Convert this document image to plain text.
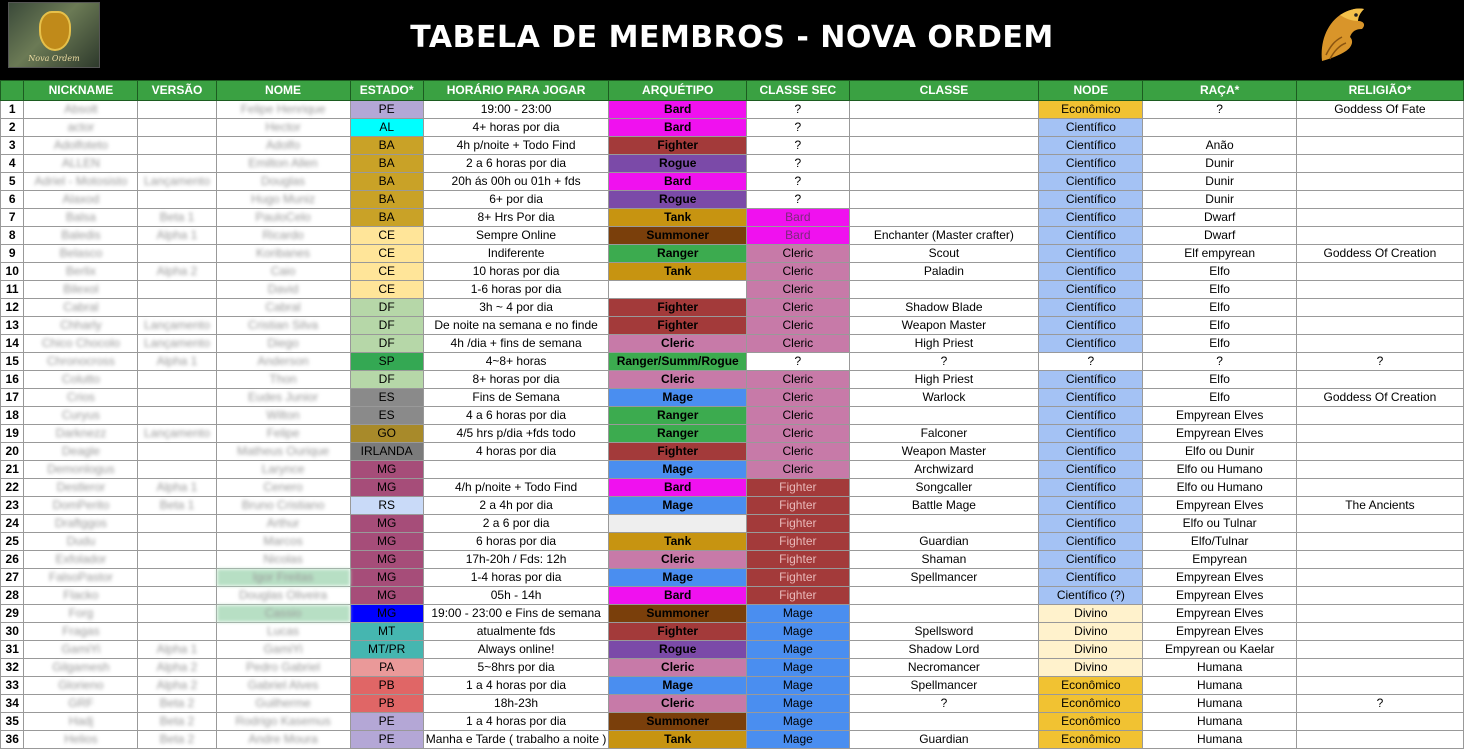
Nova Ordem
TABELA DE MEMBROS - NOVA ORDEM
	NICKNAME	VERSÃO	NOME	ESTADO*	HORÁRIO PARA JOGAR	ARQUÉTIPO	CLASSE SEC	CLASSE	NODE	RAÇA*	RELIGIÃO*
1	Absolt		Felipe Henrique	PE	19:00 - 23:00	Bard	?		Econômico	?	Goddess Of Fate
2	actor		Hector	AL	4+ horas por dia	Bard	?		Científico		
3	Adolfoteto		Adolfo	BA	4h p/noite + Todo Find	Fighter	?		Científico	Anão	
4	ALLEN		Emilton Allen	BA	2 a 6 horas por dia	Rogue	?		Científico	Dunir	
5	Adriel - Motosisto	Lançamento	Douglas	BA	20h ás 00h ou 01h + fds	Bard	?		Científico	Dunir	
6	Alaxod		Hugo Muniz	BA	6+ por dia	Rogue	?		Científico	Dunir	
7	Balsa	Beta 1	PauloCelo	BA	8+ Hrs Por dia	Tank	Bard		Científico	Dwarf	
8	Baledis	Alpha 1	Ricardo	CE	Sempre Online	Summoner	Bard	Enchanter (Master crafter)	Científico	Dwarf	
9	Belasco		Koribanes	CE	Indiferente	Ranger	Cleric	Scout	Científico	Elf empyrean	Goddess Of Creation
10	Berlix	Alpha 2	Caio	CE	10 horas por dia	Tank	Cleric	Paladin	Científico	Elfo	
11	Bilexol		David	CE	1-6 horas por dia		Cleric		Científico	Elfo	
12	Cabral		Cabral	DF	3h ~ 4 por dia	Fighter	Cleric	Shadow Blade	Científico	Elfo	
13	Chharly	Lançamento	Cristian Silva	DF	De noite na semana e no finde	Fighter	Cleric	Weapon Master	Científico	Elfo	
14	Chico Chocolo	Lançamento	Diego	DF	4h /dia + fins de semana	Cleric	Cleric	High Priest	Científico	Elfo	
15	Chronocross	Alpha 1	Anderson	SP	4~8+ horas	Ranger/Summ/Rogue	?	?	?	?	?
16	Colutto		Thon	DF	8+ horas por dia	Cleric	Cleric	High Priest	Científico	Elfo	
17	Crios		Eudes Junior	ES	Fins de Semana	Mage	Cleric	Warlock	Científico	Elfo	Goddess Of Creation
18	Curyus		Wilton	ES	4 a 6 horas por dia	Ranger	Cleric		Científico	Empyrean Elves	
19	Darknezz	Lançamento	Felipe	GO	4/5 hrs p/dia +fds todo	Ranger	Cleric	Falconer	Científico	Empyrean Elves	
20	Deagle		Matheus Ourique	IRLANDA	4 horas por dia	Fighter	Cleric	Weapon Master	Científico	Elfo ou Dunir	
21	Demonlogus		Larynce	MG		Mage	Cleric	Archwizard	Científico	Elfo ou Humano	
22	Destleror	Alpha 1	Cenero	MG	4/h p/noite + Todo Find	Bard	Fighter	Songcaller	Científico	Elfo ou Humano	
23	DomPerito	Beta 1	Bruno Cristiano	RS	2 a 4h por dia	Mage	Fighter	Battle Mage	Científico	Empyrean Elves	The Ancients
24	Draftggos		Arthur	MG	2 a 6 por dia		Fighter		Científico	Elfo ou Tulnar	
25	Dudu		Marcos	MG	6 horas por dia	Tank	Fighter	Guardian	Científico	Elfo/Tulnar	
26	Exfolador		Nicolas	MG	17h-20h / Fds: 12h	Cleric	Fighter	Shaman	Científico	Empyrean	
27	FalsoPastor		Igor Freitas	MG	1-4 horas por dia	Mage	Fighter	Spellmancer	Científico	Empyrean Elves	
28	Flacko		Douglas Oliveira	MG	05h - 14h	Bard	Fighter		Científico (?)	Empyrean Elves	
29	Forg		Cassio	MG	19:00 - 23:00 e Fins de semana	Summoner	Mage		Divino	Empyrean Elves	
30	Fragas		Lucas	MT	atualmente fds	Fighter	Mage	Spellsword	Divino	Empyrean Elves	
31	GamiYi	Alpha 1	GamiYi	MT/PR	Always online!	Rogue	Mage	Shadow Lord	Divino	Empyrean ou Kaelar	
32	Gilgamesh	Alpha 2	Pedro Gabriel	PA	5~8hrs por dia	Cleric	Mage	Necromancer	Divino	Humana	
33	Glorieno	Alpha 2	Gabriel Alves	PB	1 a 4 horas por dia	Mage	Mage	Spellmancer	Econômico	Humana	
34	GRF	Beta 2	Guilherme	PB	18h-23h	Cleric	Mage	?	Econômico	Humana	?
35	Hadj	Beta 2	Rodrigo Kasemus	PE	1 a 4 horas por dia	Summoner	Mage		Econômico	Humana	
36	Helios	Beta 2	Andre Moura	PE	Manha e Tarde ( trabalho a noite )	Tank	Mage	Guardian	Econômico	Humana	
